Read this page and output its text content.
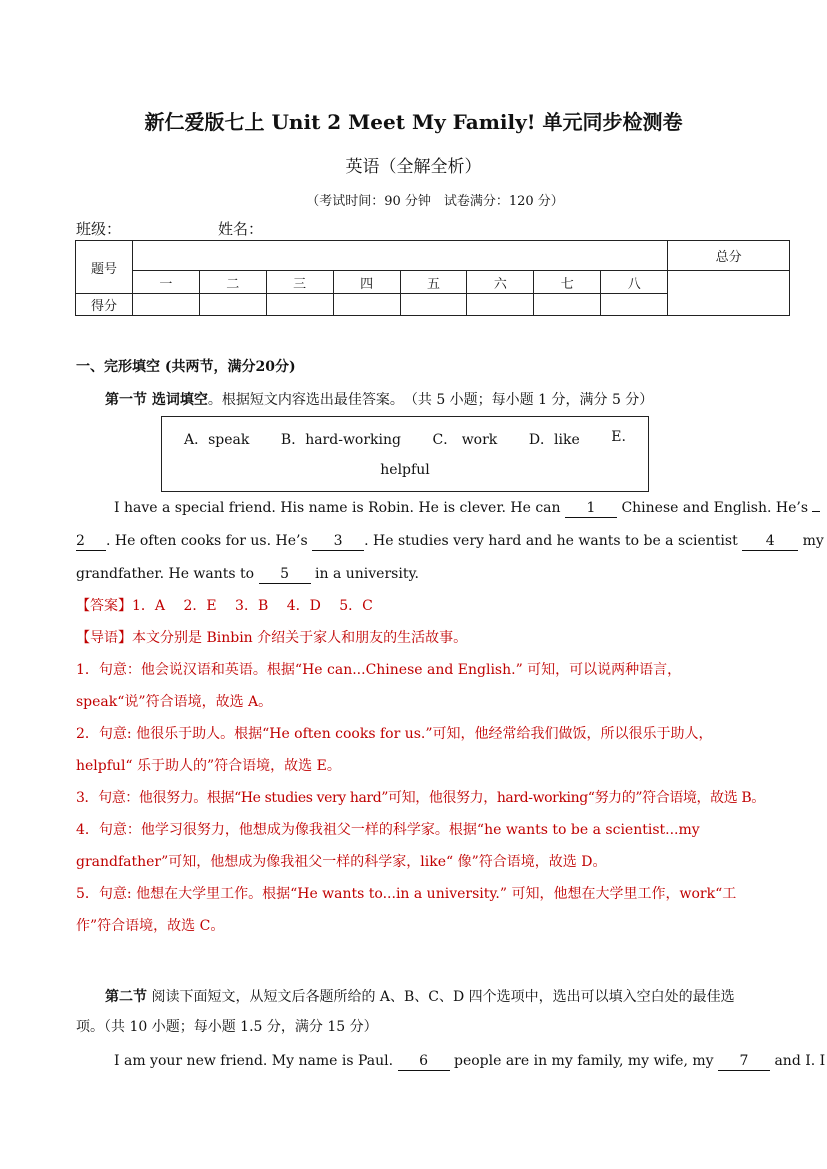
新仁爱版七上 Unit 2 Meet My Family! 单元同步检测卷
英语（全解全析）
（考试时间：90 分钟　试卷满分：120 分）
班级：	姓名：
题号									总分
	一	二	三	四	五	六	七	八	
得分									
一、完形填空 (共两节，满分20分)
第一节 选词填空。根据短文内容选出最佳答案。　（共 5 小题；每小题 1 分，满分 5 分）
A．speak B．hard-working C． work D．like E.
helpful
I have a special friend. His name is Robin. He is clever. He can 1 Chinese and English. He’s
2 . He often cooks for us. He’s 3 . He studies very hard and he wants to be a scientist 4 my
grandfather. He wants to 5 in a university.
【答案】1．A　 2．E　 3．B　 4．D　 5．C
【导语】本文分别是 Binbin 介绍关于家人和朋友的生活故事。
1．句意：他会说汉语和英语。根据“He can...Chinese and English.” 可知，可以说两种语言，speak“说”符合语境，故选 A。
2．句意: 他很乐于助人。根据“He often cooks for us.”可知，他经常给我们做饭，所以很乐于助人，helpful“ 乐于助人的”符合语境，故选 E。
3．句意：他很努力。根据“He studies very hard”可知，他很努力，hard-working“努力的”符合语境，故选 B。
4．句意：他学习很努力，他想成为像我祖父一样的科学家。根据“he wants to be a scientist...my grandfather”可知，他想成为像我祖父一样的科学家，like“ 像”符合语境，故选 D。
5．句意: 他想在大学里工作。根据“He wants to...in a university.” 可知，他想在大学里工作，work“工作”符合语境，故选 C。
第二节 阅读下面短文，从短文后各题所给的 A、B、C、D 四个选项中，选出可以填入空白处的最佳选项。（共 10 小题；每小题 1.5 分，满分 15 分）
I am your new friend. My name is Paul. 6 people are in my family, my wife, my 7 and I. I
